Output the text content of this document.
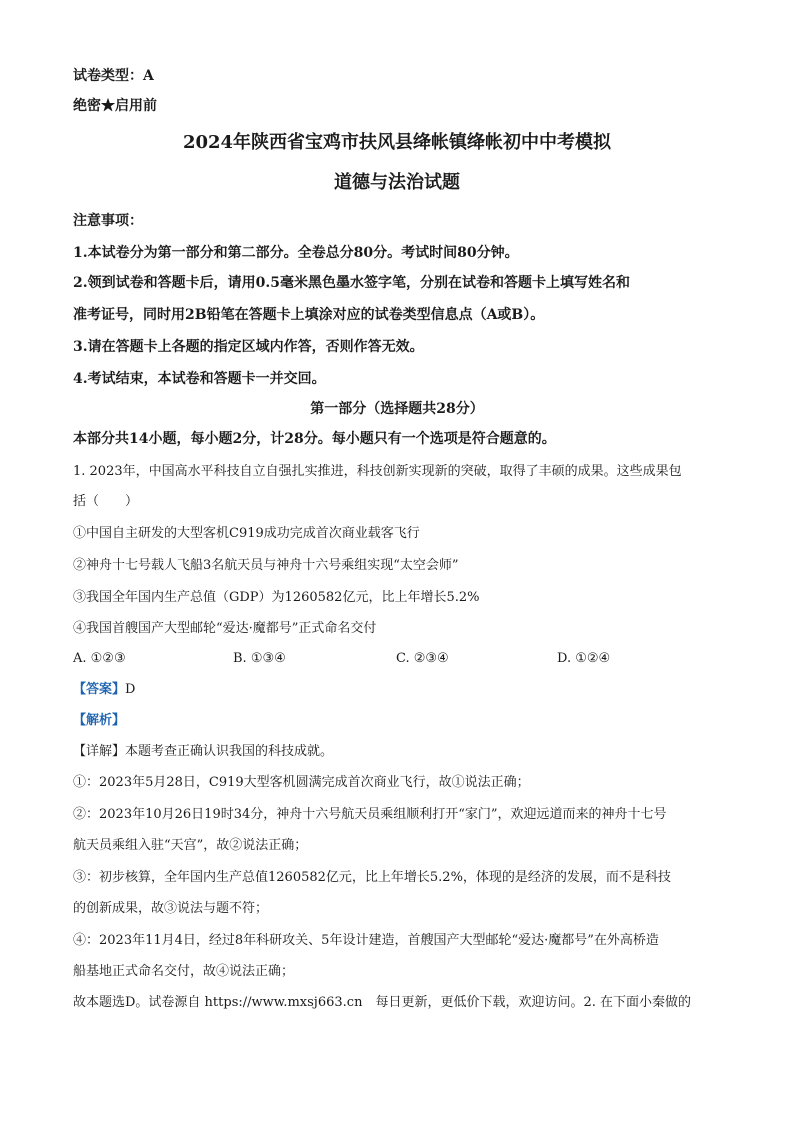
试卷类型：A
绝密★启用前
2024年陕西省宝鸡市扶风县绛帐镇绛帐初中中考模拟
道德与法治试题
注意事项：
1.本试卷分为第一部分和第二部分。全卷总分80分。考试时间80分钟。
2.领到试卷和答题卡后，请用0.5毫米黑色墨水签字笔，分别在试卷和答题卡上填写姓名和
准考证号，同时用2B铅笔在答题卡上填涂对应的试卷类型信息点（A或B）。
3.请在答题卡上各题的指定区域内作答，否则作答无效。
4.考试结束，本试卷和答题卡一并交回。
第一部分（选择题共28分）
本部分共14小题，每小题2分，计28分。每小题只有一个选项是符合题意的。
1. 2023年，中国高水平科技自立自强扎实推进，科技创新实现新的突破，取得了丰硕的成果。这些成果包
括（　　）
①中国自主研发的大型客机C919成功完成首次商业载客飞行
②神舟十七号载人飞船3名航天员与神舟十六号乘组实现“太空会师”
③我国全年国内生产总值（GDP）为1260582亿元，比上年增长5.2%
④我国首艘国产大型邮轮“爱达·魔都号”正式命名交付
A. ①②③	B. ①③④	C. ②③④	D. ①②④
【答案】D
【解析】
【详解】本题考查正确认识我国的科技成就。
①：2023年5月28日，C919大型客机圆满完成首次商业飞行，故①说法正确；
②：2023年10月26日19时34分，神舟十六号航天员乘组顺利打开“家门”，欢迎远道而来的神舟十七号
航天员乘组入驻“天宫”，故②说法正确；
③：初步核算，全年国内生产总值1260582亿元，比上年增长5.2%，体现的是经济的发展，而不是科技
的创新成果，故③说法与题不符；
④：2023年11月4日，经过8年科研攻关、5年设计建造，首艘国产大型邮轮“爱达·魔都号”在外高桥造
船基地正式命名交付，故④说法正确；
故本题选D。试卷源自 https://www.mxsj663.cn　每日更新，更低价下载，欢迎访问。2. 在下面小秦做的
